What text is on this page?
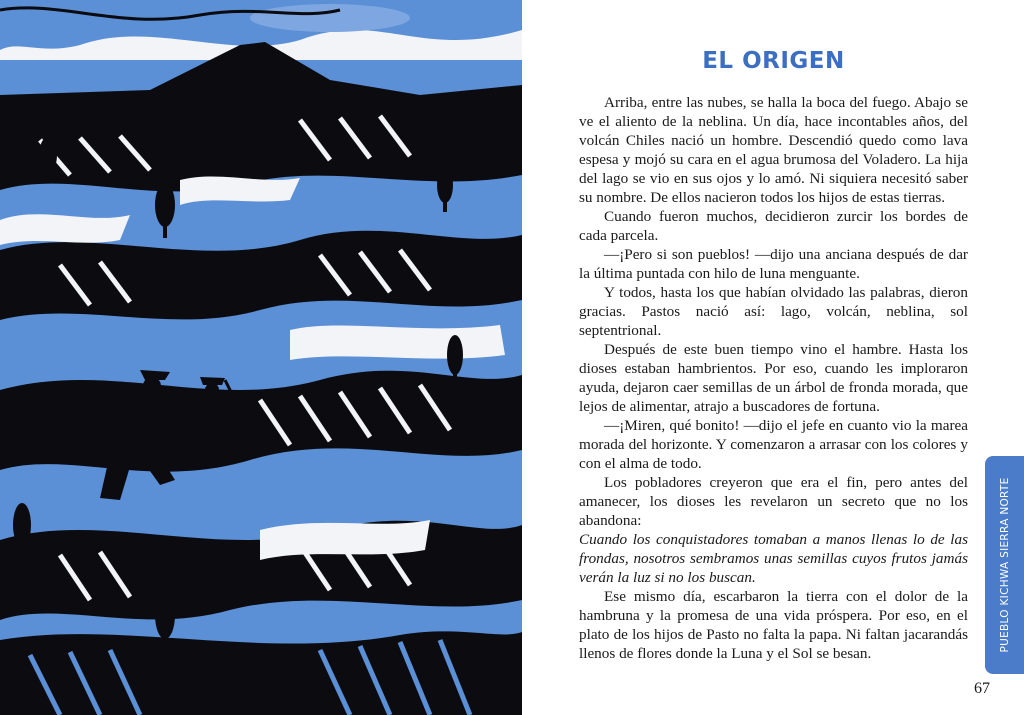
EL ORIGEN

Arriba, entre las nubes, se halla la boca del fuego. Abajo se ve el aliento de la neblina. Un día, hace incontables años, del volcán Chiles nació un hombre. Descendió quedo como lava espesa y mojó su cara en el agua brumosa del Voladero. La hija del lago se vio en sus ojos y lo amó. Ni siquiera necesitó saber su nombre. De ellos nacieron todos los hijos de estas tierras.

Cuando fueron muchos, decidieron zurcir los bordes de cada parcela.

—¡Pero si son pueblos! —dijo una anciana después de dar la última puntada con hilo de luna menguante.

Y todos, hasta los que habían olvidado las palabras, dieron gracias. Pastos nació así: lago, volcán, neblina, sol septentrional.

Después de este buen tiempo vino el hambre. Hasta los dioses estaban hambrientos. Por eso, cuando les imploraron ayuda, dejaron caer semillas de un árbol de fronda morada, que lejos de alimentar, atrajo a buscadores de fortuna.

—¡Miren, qué bonito! —dijo el jefe en cuanto vio la marea morada del horizonte. Y comenzaron a arrasar con los colores y con el alma de todo.

Los pobladores creyeron que era el fin, pero antes del amanecer, los dioses les revelaron un secreto que no los abandona:

Cuando los conquistadores tomaban a manos llenas lo de las frondas, nosotros sembramos unas semillas cuyos frutos jamás verán la luz si no los buscan.

Ese mismo día, escarbaron la tierra con el dolor de la hambruna y la promesa de una vida próspera. Por eso, en el plato de los hijos de Pasto no falta la papa. Ni faltan jacarandás llenos de flores donde la Luna y el Sol se besan.

PUEBLO KICHWA SIERRA NORTE
67
